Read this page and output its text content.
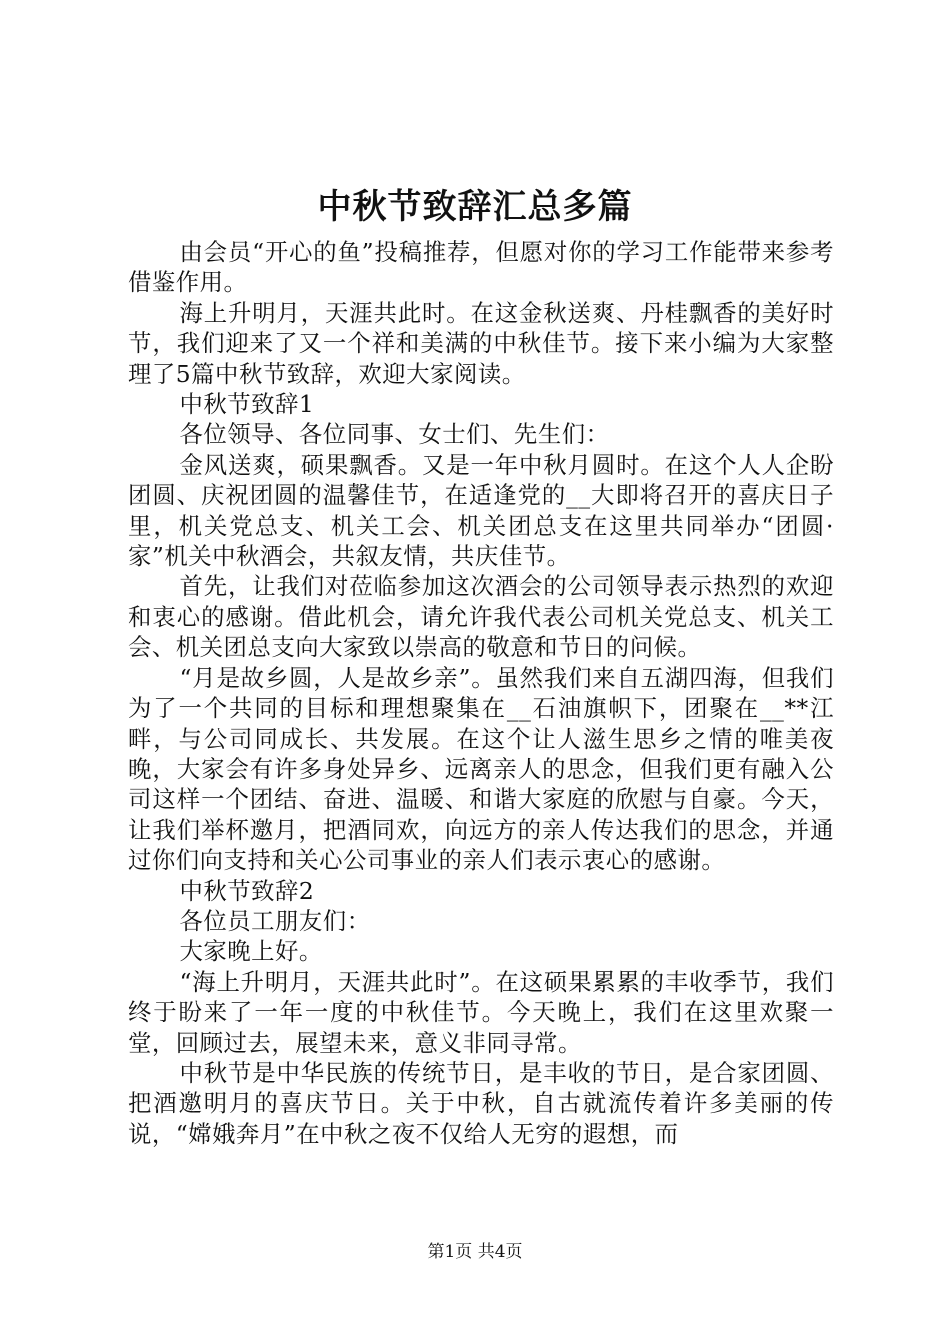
中秋节致辞汇总多篇

由会员“开心的鱼”投稿推荐，但愿对你的学习工作能带来参考借鉴作用。

海上升明月，天涯共此时。在这金秋送爽、丹桂飘香的美好时节，我们迎来了又一个祥和美满的中秋佳节。接下来小编为大家整理了5篇中秋节致辞，欢迎大家阅读。

中秋节致辞1

各位领导、各位同事、女士们、先生们：

金风送爽，硕果飘香。又是一年中秋月圆时。在这个人人企盼团圆、庆祝团圆的温馨佳节，在适逢党的__大即将召开的喜庆日子里，机关党总支、机关工会、机关团总支在这里共同举办“团圆·家”机关中秋酒会，共叙友情，共庆佳节。

首先，让我们对莅临参加这次酒会的公司领导表示热烈的欢迎和衷心的感谢。借此机会，请允许我代表公司机关党总支、机关工会、机关团总支向大家致以崇高的敬意和节日的问候。

“月是故乡圆，人是故乡亲”。虽然我们来自五湖四海，但我们为了一个共同的目标和理想聚集在__石油旗帜下，团聚在__**江畔，与公司同成长、共发展。在这个让人滋生思乡之情的唯美夜晚，大家会有许多身处异乡、远离亲人的思念，但我们更有融入公司这样一个团结、奋进、温暖、和谐大家庭的欣慰与自豪。今天，让我们举杯邀月，把酒同欢，向远方的亲人传达我们的思念，并通过你们向支持和关心公司事业的亲人们表示衷心的感谢。

中秋节致辞2

各位员工朋友们：

大家晚上好。

“海上升明月，天涯共此时”。在这硕果累累的丰收季节，我们终于盼来了一年一度的中秋佳节。今天晚上，我们在这里欢聚一堂，回顾过去，展望未来，意义非同寻常。

中秋节是中华民族的传统节日，是丰收的节日，是合家团圆、把酒邀明月的喜庆节日。关于中秋，自古就流传着许多美丽的传说，“嫦娥奔月”在中秋之夜不仅给人无穷的遐想，而

第1页 共4页
